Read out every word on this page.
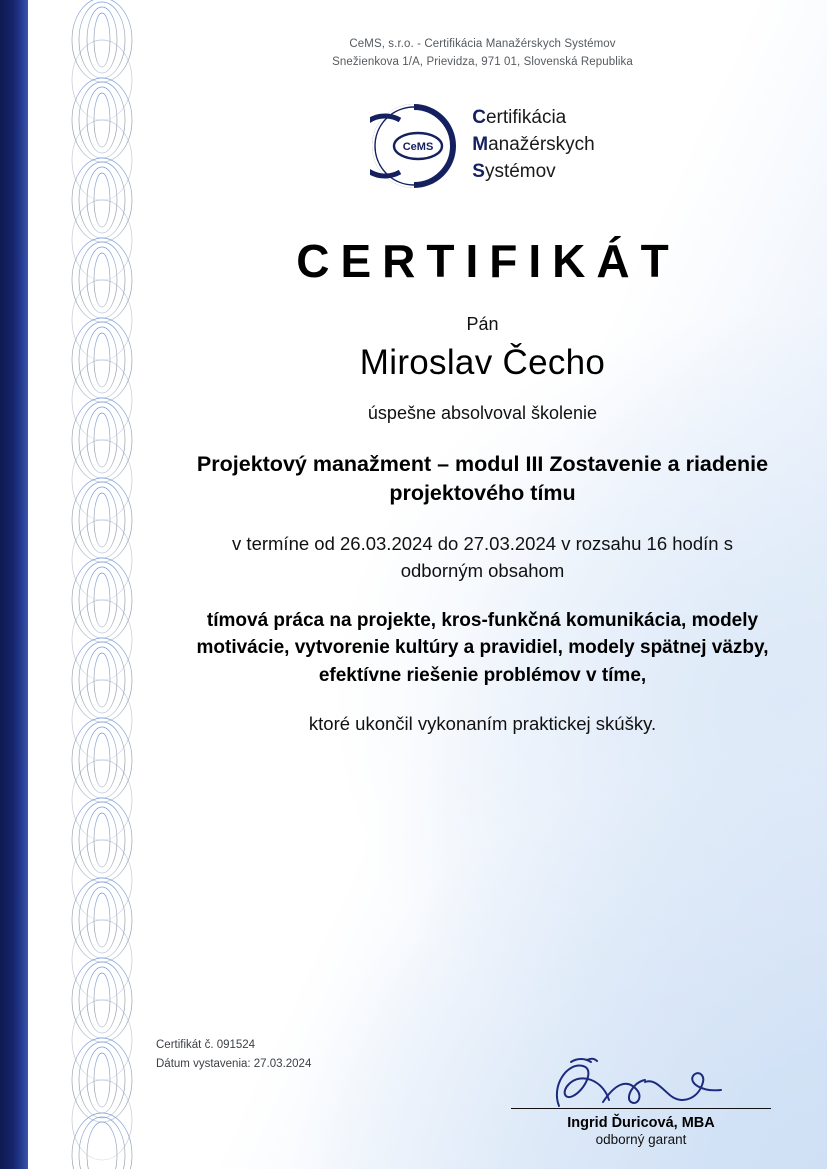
CeMS, s.r.o. - Certifikácia Manažérskych Systémov
Snežienkova 1/A, Prievidza, 971 01, Slovenská Republika
CeMS
Certifikácia
Manažérskych
Systémov
CERTIFIKÁT
Pán
Miroslav Čecho
úspešne absolvoval školenie
Projektový manažment – modul III Zostavenie a riadenie projektového tímu
v termíne od 26.03.2024 do 27.03.2024 v rozsahu 16 hodín s odborným obsahom
tímová práca na projekte, kros-funkčná komunikácia, modely motivácie, vytvorenie kultúry a pravidiel, modely spätnej väzby, efektívne riešenie problémov v tíme,
ktoré ukončil vykonaním praktickej skúšky.
Certifikát č. 091524
Dátum vystavenia: 27.03.2024
Ingrid Ďuricová, MBA
odborný garant
